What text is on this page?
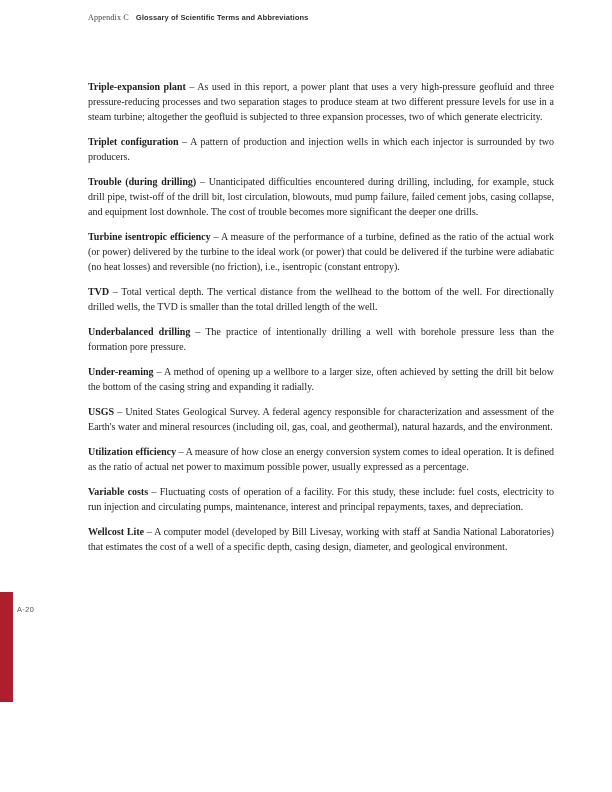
Appendix C Glossary of Scientific Terms and Abbreviations

Triple-expansion plant – As used in this report, a power plant that uses a very high-pressure geofluid and three pressure-reducing processes and two separation stages to produce steam at two different pressure levels for use in a steam turbine; altogether the geofluid is subjected to three expansion processes, two of which generate electricity.

Triplet configuration – A pattern of production and injection wells in which each injector is surrounded by two producers.

Trouble (during drilling) – Unanticipated difficulties encountered during drilling, including, for example, stuck drill pipe, twist-off of the drill bit, lost circulation, blowouts, mud pump failure, failed cement jobs, casing collapse, and equipment lost downhole. The cost of trouble becomes more significant the deeper one drills.

Turbine isentropic efficiency – A measure of the performance of a turbine, defined as the ratio of the actual work (or power) delivered by the turbine to the ideal work (or power) that could be delivered if the turbine were adiabatic (no heat losses) and reversible (no friction), i.e., isentropic (constant entropy).

TVD – Total vertical depth. The vertical distance from the wellhead to the bottom of the well. For directionally drilled wells, the TVD is smaller than the total drilled length of the well.

Underbalanced drilling – The practice of intentionally drilling a well with borehole pressure less than the formation pore pressure.

Under-reaming – A method of opening up a wellbore to a larger size, often achieved by setting the drill bit below the bottom of the casing string and expanding it radially.

USGS – United States Geological Survey. A federal agency responsible for characterization and assessment of the Earth's water and mineral resources (including oil, gas, coal, and geothermal), natural hazards, and the environment.

Utilization efficiency – A measure of how close an energy conversion system comes to ideal operation. It is defined as the ratio of actual net power to maximum possible power, usually expressed as a percentage.

Variable costs – Fluctuating costs of operation of a facility. For this study, these include: fuel costs, electricity to run injection and circulating pumps, maintenance, interest and principal repayments, taxes, and depreciation.

Wellcost Lite – A computer model (developed by Bill Livesay, working with staff at Sandia National Laboratories) that estimates the cost of a well of a specific depth, casing design, diameter, and geological environment.

A-20
